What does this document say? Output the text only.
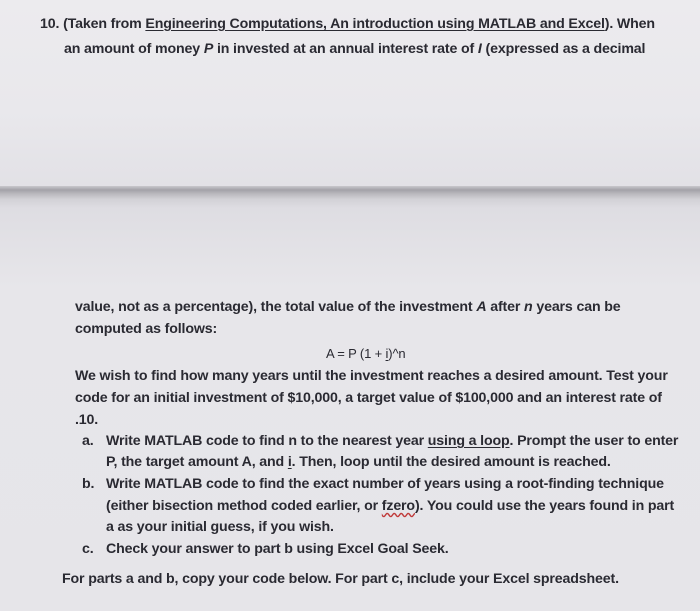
10. (Taken from Engineering Computations, An introduction using MATLAB and Excel). When
an amount of money P in invested at an annual interest rate of I (expressed as a decimal
value, not as a percentage), the total value of the investment A after n years can be
computed as follows:
A = P (1 + i)^n
We wish to find how many years until the investment reaches a desired amount. Test your
code for an initial investment of $10,000, a target value of $100,000 and an interest rate of
.10.
a. Write MATLAB code to find n to the nearest year using a loop. Prompt the user to enter
P, the target amount A, and i. Then, loop until the desired amount is reached.
b. Write MATLAB code to find the exact number of years using a root-finding technique
(either bisection method coded earlier, or fzero). You could use the years found in part
a as your initial guess, if you wish.
c. Check your answer to part b using Excel Goal Seek.
For parts a and b, copy your code below. For part c, include your Excel spreadsheet.
